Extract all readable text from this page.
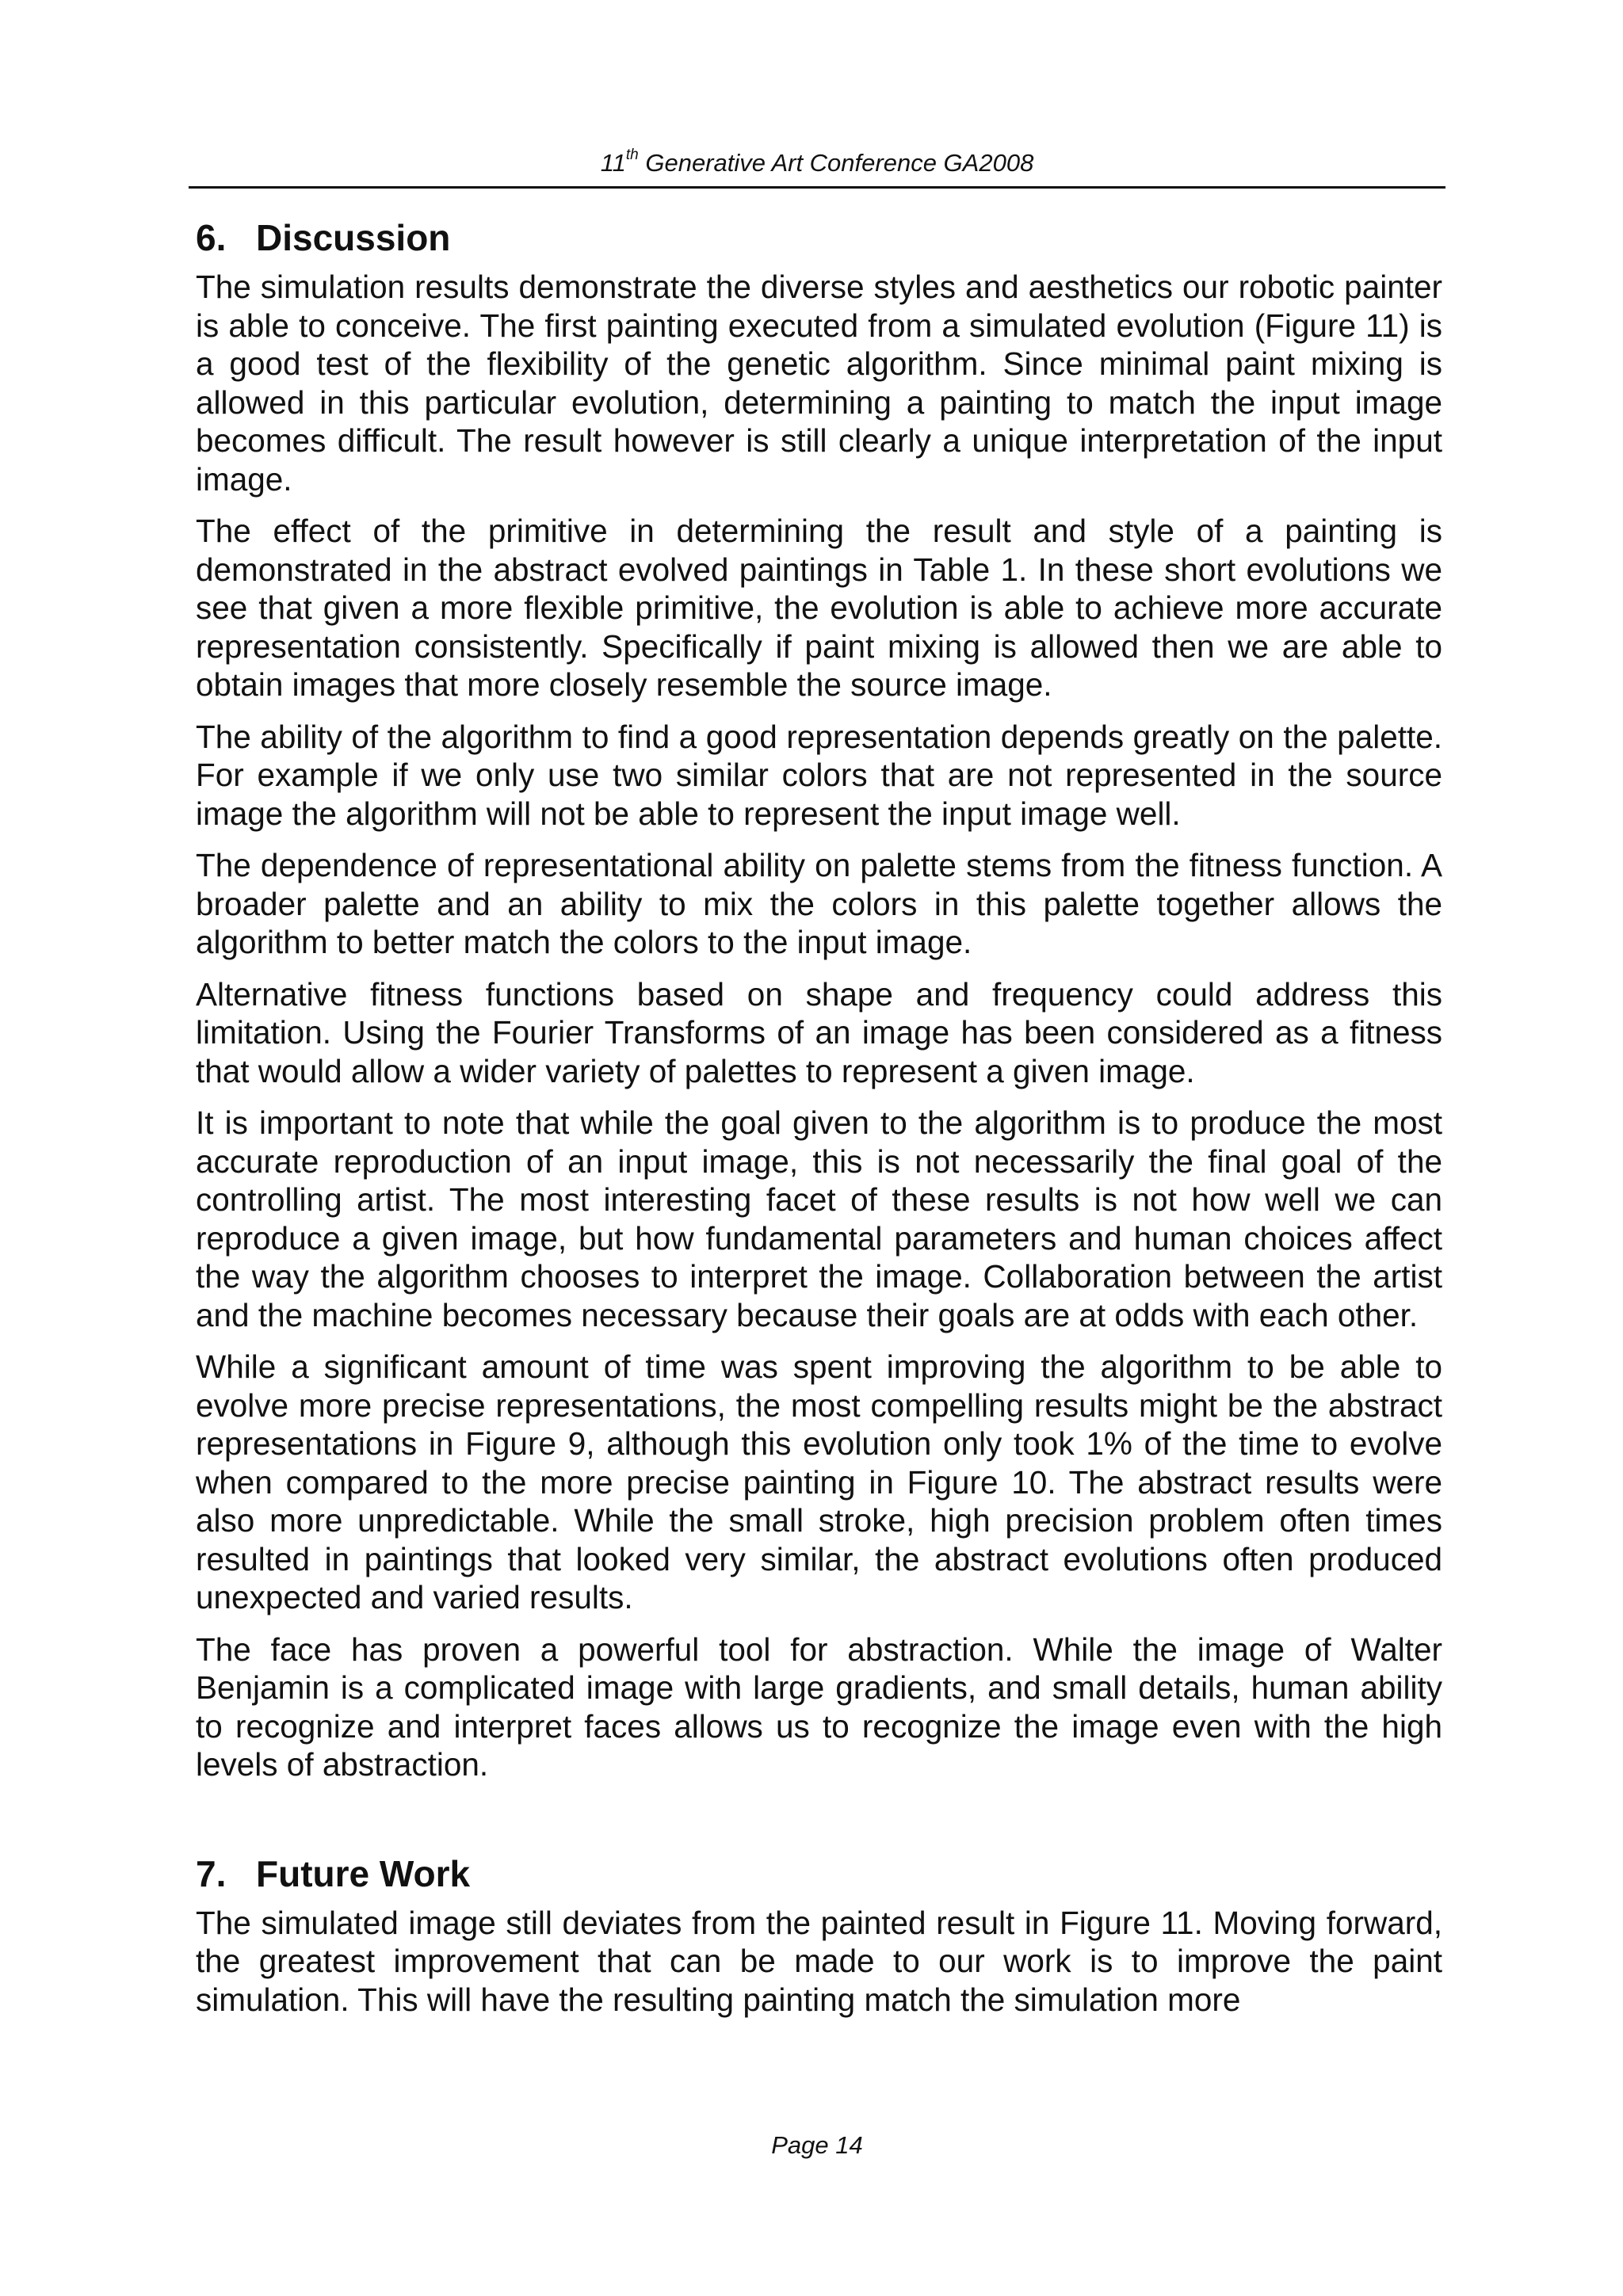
11th Generative Art Conference GA2008
6. Discussion

The simulation results demonstrate the diverse styles and aesthetics our robotic painter is able to conceive. The first painting executed from a simulated evolution (Figure 11) is a good test of the flexibility of the genetic algorithm. Since minimal paint mixing is allowed in this particular evolution, determining a painting to match the input image becomes difficult. The result however is still clearly a unique interpretation of the input image.

The effect of the primitive in determining the result and style of a painting is demonstrated in the abstract evolved paintings in Table 1. In these short evolutions we see that given a more flexible primitive, the evolution is able to achieve more accurate representation consistently. Specifically if paint mixing is allowed then we are able to obtain images that more closely resemble the source image.

The ability of the algorithm to find a good representation depends greatly on the palette. For example if we only use two similar colors that are not represented in the source image the algorithm will not be able to represent the input image well.

The dependence of representational ability on palette stems from the fitness function. A broader palette and an ability to mix the colors in this palette together allows the algorithm to better match the colors to the input image.

Alternative fitness functions based on shape and frequency could address this limitation. Using the Fourier Transforms of an image has been considered as a fitness that would allow a wider variety of palettes to represent a given image.

It is important to note that while the goal given to the algorithm is to produce the most accurate reproduction of an input image, this is not necessarily the final goal of the controlling artist. The most interesting facet of these results is not how well we can reproduce a given image, but how fundamental parameters and human choices affect the way the algorithm chooses to interpret the image. Collaboration between the artist and the machine becomes necessary because their goals are at odds with each other.

While a significant amount of time was spent improving the algorithm to be able to evolve more precise representations, the most compelling results might be the abstract representations in Figure 9, although this evolution only took 1% of the time to evolve when compared to the more precise painting in Figure 10. The abstract results were also more unpredictable. While the small stroke, high precision problem often times resulted in paintings that looked very similar, the abstract evolutions often produced unexpected and varied results.

The face has proven a powerful tool for abstraction. While the image of Walter Benjamin is a complicated image with large gradients, and small details, human ability to recognize and interpret faces allows us to recognize the image even with the high levels of abstraction.

7. Future Work

The simulated image still deviates from the painted result in Figure 11. Moving forward, the greatest improvement that can be made to our work is to improve the paint simulation. This will have the resulting painting match the simulation more

Page 14
